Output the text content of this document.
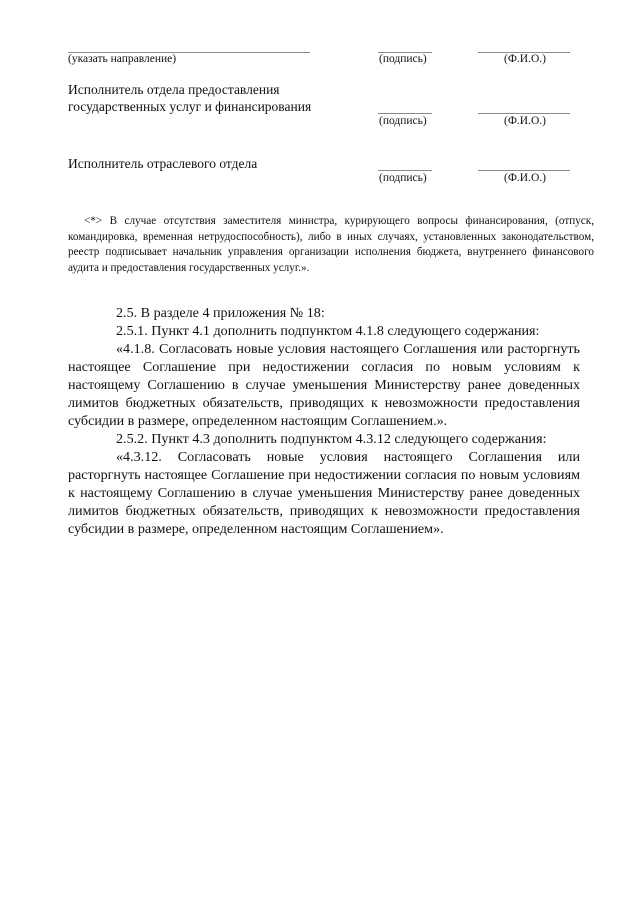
(указать направление)	(подпись)	(Ф.И.О.)
Исполнитель отдела предоставления
государственных услуг и финансирования
(подпись)	(Ф.И.О.)
Исполнитель отраслевого отдела
(подпись)	(Ф.И.О.)

<*> В случае отсутствия заместителя министра, курирующего вопросы финансирования, (отпуск, командировка, временная нетрудоспособность), либо в иных случаях, установленных законодательством, реестр подписывает начальник управления организации исполнения бюджета, внутреннего финансового аудита и предоставления государственных услуг.».

2.5. В разделе 4 приложения № 18:

2.5.1. Пункт 4.1 дополнить подпунктом 4.1.8 следующего содержания:

«4.1.8. Согласовать новые условия настоящего Соглашения или расторгнуть настоящее Соглашение при недостижении согласия по новым условиям к настоящему Соглашению в случае уменьшения Министерству ранее доведенных лимитов бюджетных обязательств, приводящих к невозможности предоставления субсидии в размере, определенном настоящим Соглашением.».

2.5.2. Пункт 4.3 дополнить подпунктом 4.3.12 следующего содержания:

«4.3.12. Согласовать новые условия настоящего Соглашения или расторгнуть настоящее Соглашение при недостижении согласия по новым условиям к настоящему Соглашению в случае уменьшения Министерству ранее доведенных лимитов бюджетных обязательств, приводящих к невозможности предоставления субсидии в размере, определенном настоящим Соглашением».
